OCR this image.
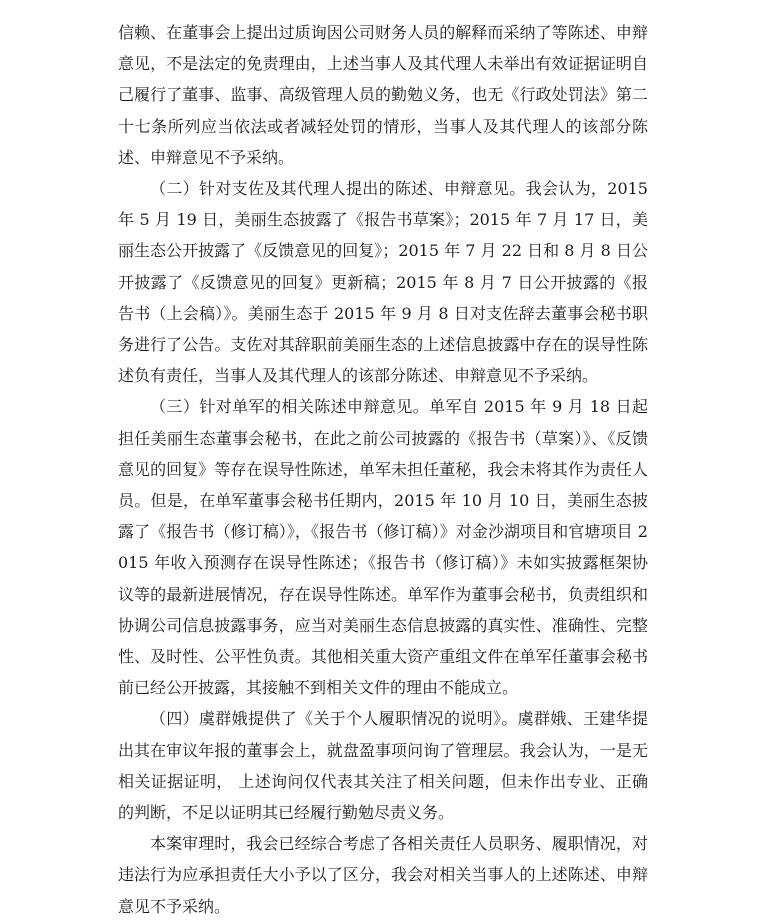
信赖、在董事会上提出过质询因公司财务人员的解释而采纳了等陈述、申辩意见，不是法定的免责理由，上述当事人及其代理人未举出有效证据证明自己履行了董事、监事、高级管理人员的勤勉义务，也无《行政处罚法》第二十七条所列应当依法或者减轻处罚的情形，当事人及其代理人的该部分陈述、申辩意见不予采纳。

（二）针对支佐及其代理人提出的陈述、申辩意见。我会认为，2015 年 5 月 19 日，美丽生态披露了《报告书草案》；2015 年 7 月 17 日，美丽生态公开披露了《反馈意见的回复》；2015 年 7 月 22 日和 8 月 8 日公开披露了《反馈意见的回复》更新稿；2015 年 8 月 7 日公开披露的《报告书（上会稿）》。美丽生态于 2015 年 9 月 8 日对支佐辞去董事会秘书职务进行了公告。支佐对其辞职前美丽生态的上述信息披露中存在的误导性陈述负有责任，当事人及其代理人的该部分陈述、申辩意见不予采纳。

（三）针对单军的相关陈述申辩意见。单军自 2015 年 9 月 18 日起担任美丽生态董事会秘书，在此之前公司披露的《报告书（草案）》、《反馈意见的回复》等存在误导性陈述，单军未担任董秘，我会未将其作为责任人员。但是，在单军董事会秘书任期内，2015 年 10 月 10 日，美丽生态披露了《报告书（修订稿）》，《报告书（修订稿）》对金沙湖项目和官塘项目 2015 年收入预测存在误导性陈述；《报告书（修订稿）》未如实披露框架协议等的最新进展情况，存在误导性陈述。单军作为董事会秘书，负责组织和协调公司信息披露事务，应当对美丽生态信息披露的真实性、准确性、完整性、及时性、公平性负责。其他相关重大资产重组文件在单军任董事会秘书前已经公开披露，其接触不到相关文件的理由不能成立。

（四）虞群娥提供了《关于个人履职情况的说明》。虞群娥、王建华提出其在审议年报的董事会上，就盘盈事项问询了管理层。我会认为，一是无相关证据证明， 上述询问仅代表其关注了相关问题，但未作出专业、正确的判断，不足以证明其已经履行勤勉尽责义务。

本案审理时，我会已经综合考虑了各相关责任人员职务、履职情况，对违法行为应承担责任大小予以了区分，我会对相关当事人的上述陈述、申辩意见不予采纳。
